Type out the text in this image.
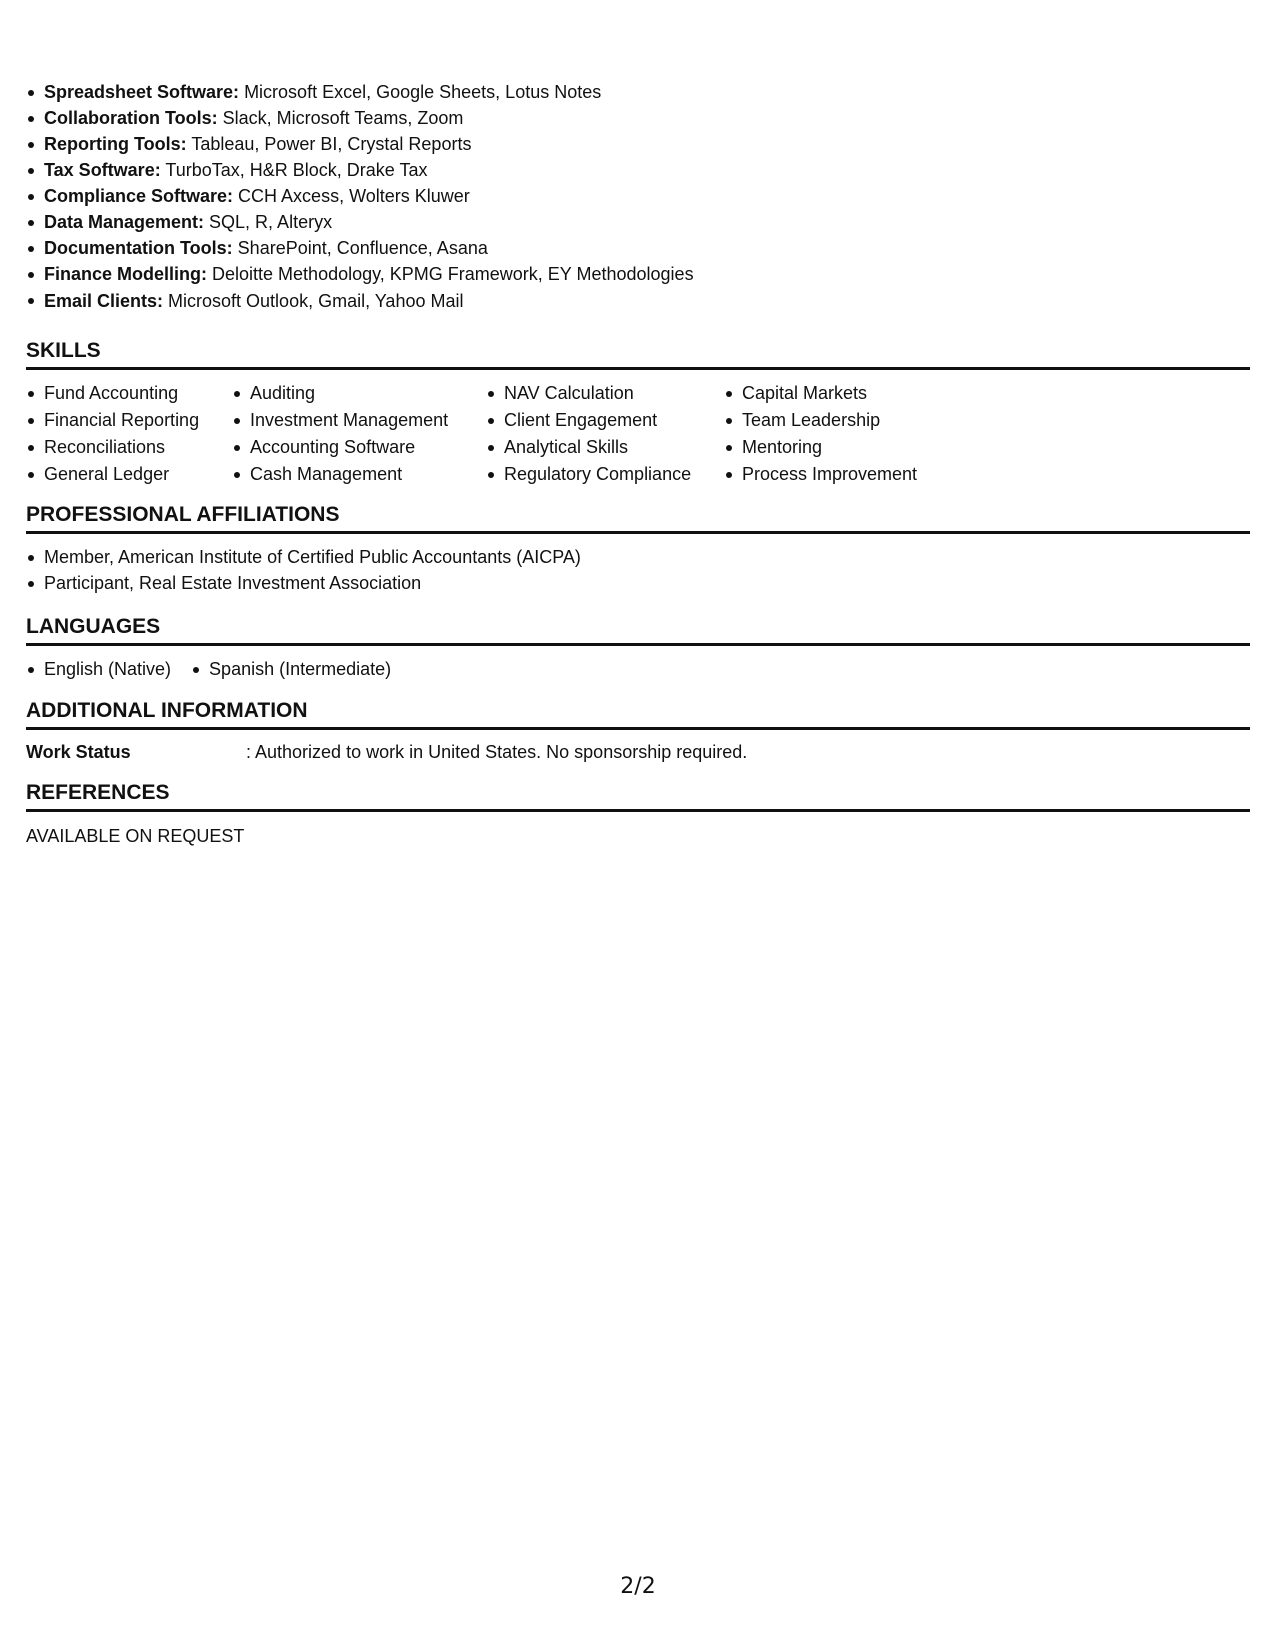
Spreadsheet Software: Microsoft Excel, Google Sheets, Lotus Notes
Collaboration Tools: Slack, Microsoft Teams, Zoom
Reporting Tools: Tableau, Power BI, Crystal Reports
Tax Software: TurboTax, H&R Block, Drake Tax
Compliance Software: CCH Axcess, Wolters Kluwer
Data Management: SQL, R, Alteryx
Documentation Tools: SharePoint, Confluence, Asana
Finance Modelling: Deloitte Methodology, KPMG Framework, EY Methodologies
Email Clients: Microsoft Outlook, Gmail, Yahoo Mail
SKILLS
Fund Accounting
Financial Reporting
Reconciliations
General Ledger
Auditing
Investment Management
Accounting Software
Cash Management
NAV Calculation
Client Engagement
Analytical Skills
Regulatory Compliance
Capital Markets
Team Leadership
Mentoring
Process Improvement
PROFESSIONAL AFFILIATIONS
Member, American Institute of Certified Public Accountants (AICPA)
Participant, Real Estate Investment Association
LANGUAGES
English (Native)	Spanish (Intermediate)
ADDITIONAL INFORMATION
Work Status	: Authorized to work in United States. No sponsorship required.
REFERENCES
AVAILABLE ON REQUEST
2/2
